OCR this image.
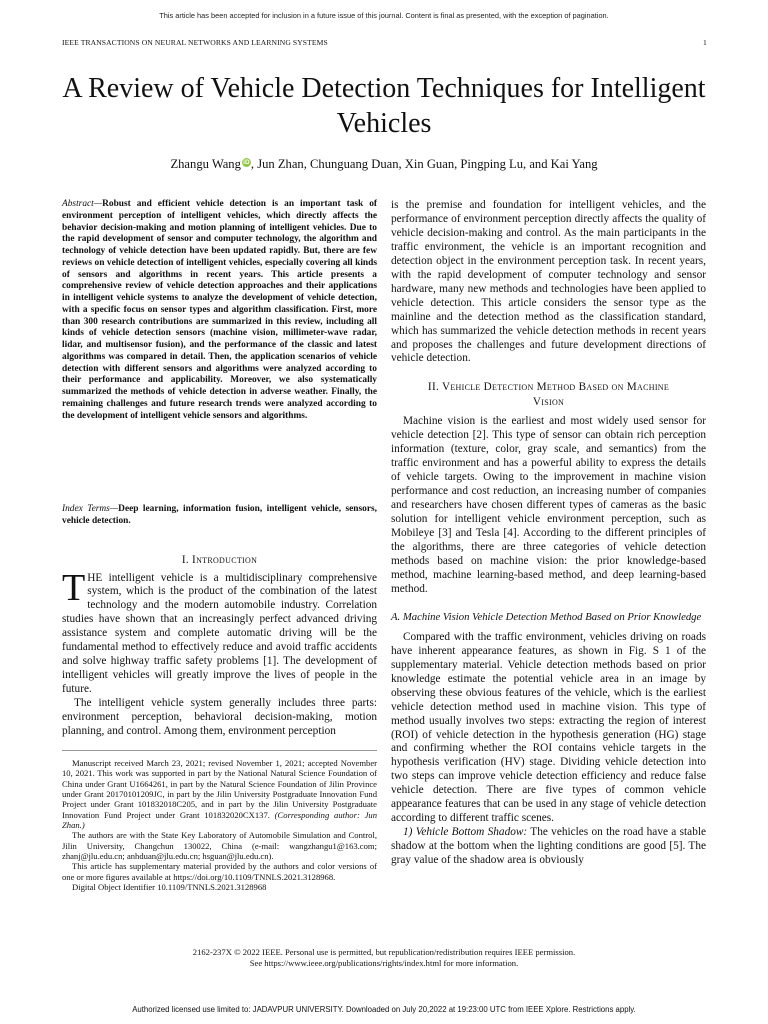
This article has been accepted for inclusion in a future issue of this journal. Content is final as presented, with the exception of pagination.
IEEE TRANSACTIONS ON NEURAL NETWORKS AND LEARNING SYSTEMS	1
A Review of Vehicle Detection Techniques for Intelligent Vehicles
Zhangu Wang iD, Jun Zhan, Chunguang Duan, Xin Guan, Pingping Lu, and Kai Yang
Abstract—Robust and efficient vehicle detection is an important task of environment perception of intelligent vehicles, which directly affects the behavior decision-making and motion planning of intelligent vehicles. Due to the rapid development of sensor and computer technology, the algorithm and technology of vehicle detection have been updated rapidly. But, there are few reviews on vehicle detection of intelligent vehicles, especially covering all kinds of sensors and algorithms in recent years. This article presents a comprehensive review of vehicle detection approaches and their applications in intelligent vehicle systems to analyze the development of vehicle detection, with a specific focus on sensor types and algorithm classification. First, more than 300 research contributions are summarized in this review, including all kinds of vehicle detection sensors (machine vision, millimeter-wave radar, lidar, and multisensor fusion), and the performance of the classic and latest algorithms was compared in detail. Then, the application scenarios of vehicle detection with different sensors and algorithms were analyzed according to their performance and applicability. Moreover, we also systematically summarized the methods of vehicle detection in adverse weather. Finally, the remaining challenges and future research trends were analyzed according to the development of intelligent vehicle sensors and algorithms.
Index Terms—Deep learning, information fusion, intelligent vehicle, sensors, vehicle detection.
I. Introduction

THE intelligent vehicle is a multidisciplinary comprehensive system, which is the product of the combination of the latest technology and the modern automobile industry. Correlation studies have shown that an increasingly perfect advanced driving assistance system and complete automatic driving will be the fundamental method to effectively reduce and avoid traffic accidents and solve highway traffic safety problems [1]. The development of intelligent vehicles will greatly improve the lives of people in the future.

The intelligent vehicle system generally includes three parts: environment perception, behavioral decision-making, motion planning, and control. Among them, environment perception

Manuscript received March 23, 2021; revised November 1, 2021; accepted November 10, 2021. This work was supported in part by the National Natural Science Foundation of China under Grant U1664261, in part by the Natural Science Foundation of Jilin Province under Grant 20170101209JC, in part by the Jilin University Postgraduate Innovation Fund Project under Grant 101832018C205, and in part by the Jilin University Postgraduate Innovation Fund Project under Grant 101832020CX137. (Corresponding author: Jun Zhan.)

The authors are with the State Key Laboratory of Automobile Simulation and Control, Jilin University, Changchun 130022, China (e-mail: wangzhangu1@163.com; zhanj@jlu.edu.cn; anhduan@jlu.edu.cn; hsguan@jlu.edu.cn).

This article has supplementary material provided by the authors and color versions of one or more figures available at https://doi.org/10.1109/TNNLS.2021.3128968.

Digital Object Identifier 10.1109/TNNLS.2021.3128968

is the premise and foundation for intelligent vehicles, and the performance of environment perception directly affects the quality of vehicle decision-making and control. As the main participants in the traffic environment, the vehicle is an important recognition and detection object in the environment perception task. In recent years, with the rapid development of computer technology and sensor hardware, many new methods and technologies have been applied to vehicle detection. This article considers the sensor type as the mainline and the detection method as the classification standard, which has summarized the vehicle detection methods in recent years and proposes the challenges and future development directions of vehicle detection.

II. Vehicle Detection Method Based on Machine
Vision

Machine vision is the earliest and most widely used sensor for vehicle detection [2]. This type of sensor can obtain rich perception information (texture, color, gray scale, and semantics) from the traffic environment and has a powerful ability to express the details of vehicle targets. Owing to the improvement in machine vision performance and cost reduction, an increasing number of companies and researchers have chosen different types of cameras as the basic solution for intelligent vehicle environment perception, such as Mobileye [3] and Tesla [4]. According to the different principles of the algorithms, there are three categories of vehicle detection methods based on machine vision: the prior knowledge-based method, machine learning-based method, and deep learning-based method.

A. Machine Vision Vehicle Detection Method Based on Prior Knowledge

Compared with the traffic environment, vehicles driving on roads have inherent appearance features, as shown in Fig. S 1 of the supplementary material. Vehicle detection methods based on prior knowledge estimate the potential vehicle area in an image by observing these obvious features of the vehicle, which is the earliest vehicle detection method used in machine vision. This type of method usually involves two steps: extracting the region of interest (ROI) of vehicle detection in the hypothesis generation (HG) stage and confirming whether the ROI contains vehicle targets in the hypothesis verification (HV) stage. Dividing vehicle detection into two steps can improve vehicle detection efficiency and reduce false vehicle detection. There are five types of common vehicle appearance features that can be used in any stage of vehicle detection according to different traffic scenes.

1) Vehicle Bottom Shadow: The vehicles on the road have a stable shadow at the bottom when the lighting conditions are good [5]. The gray value of the shadow area is obviously

2162-237X © 2022 IEEE. Personal use is permitted, but republication/redistribution requires IEEE permission.
See https://www.ieee.org/publications/rights/index.html for more information.
Authorized licensed use limited to: JADAVPUR UNIVERSITY. Downloaded on July 20,2022 at 19:23:00 UTC from IEEE Xplore. Restrictions apply.
